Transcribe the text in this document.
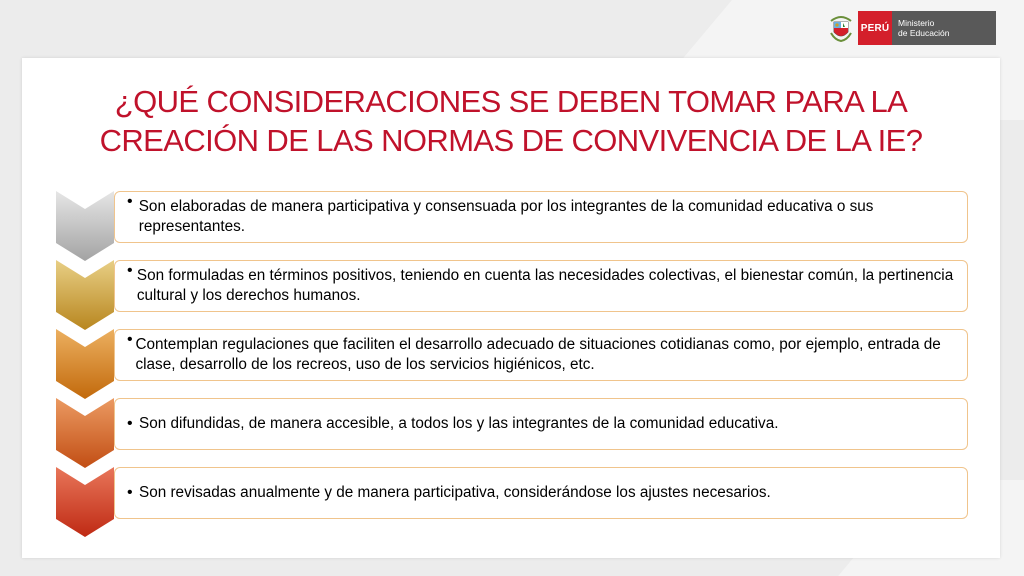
PERÚ	Ministerio
de Educación
¿QUÉ CONSIDERACIONES SE DEBEN TOMAR PARA LA
CREACIÓN DE LAS NORMAS DE CONVIVENCIA DE LA IE?
• Son elaboradas de manera participativa y consensuada por los integrantes de la comunidad educativa o sus representantes.
• Son formuladas en términos positivos, teniendo en cuenta las necesidades colectivas, el bienestar común, la pertinencia cultural y los derechos humanos.
• Contemplan regulaciones que faciliten el desarrollo adecuado de situaciones cotidianas como, por ejemplo, entrada de clase, desarrollo de los recreos, uso de los servicios higiénicos, etc.
• Son difundidas, de manera accesible, a todos los y las integrantes de la comunidad educativa.
• Son revisadas anualmente y de manera participativa, considerándose los ajustes necesarios.
